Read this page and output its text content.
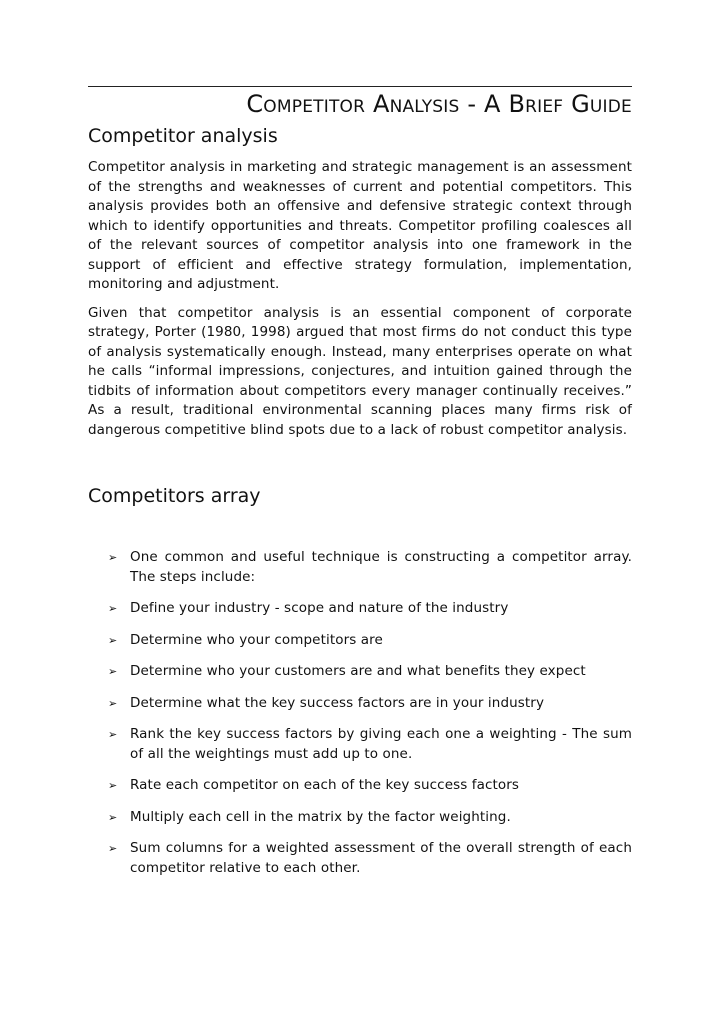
Competitor Analysis - A Brief Guide
Competitor analysis

Competitor analysis in marketing and strategic management is an assessment of the strengths and weaknesses of current and potential competitors. This analysis provides both an offensive and defensive strategic context through which to identify opportunities and threats. Competitor profiling coalesces all of the relevant sources of competitor analysis into one framework in the support of efficient and effective strategy formulation, implementation, monitoring and adjustment.

Given that competitor analysis is an essential component of corporate strategy, Porter (1980, 1998) argued that most firms do not conduct this type of analysis systematically enough. Instead, many enterprises operate on what he calls “informal impressions, conjectures, and intuition gained through the tidbits of information about competitors every manager continually receives.” As a result, traditional environmental scanning places many firms risk of dangerous competitive blind spots due to a lack of robust competitor analysis.

Competitors array
➢ One common and useful technique is constructing a competitor array. The steps include:
➢ Define your industry - scope and nature of the industry
➢ Determine who your competitors are
➢ Determine who your customers are and what benefits they expect
➢ Determine what the key success factors are in your industry
➢ Rank the key success factors by giving each one a weighting - The sum of all the weightings must add up to one.
➢ Rate each competitor on each of the key success factors
➢ Multiply each cell in the matrix by the factor weighting.
➢ Sum columns for a weighted assessment of the overall strength of each competitor relative to each other.
